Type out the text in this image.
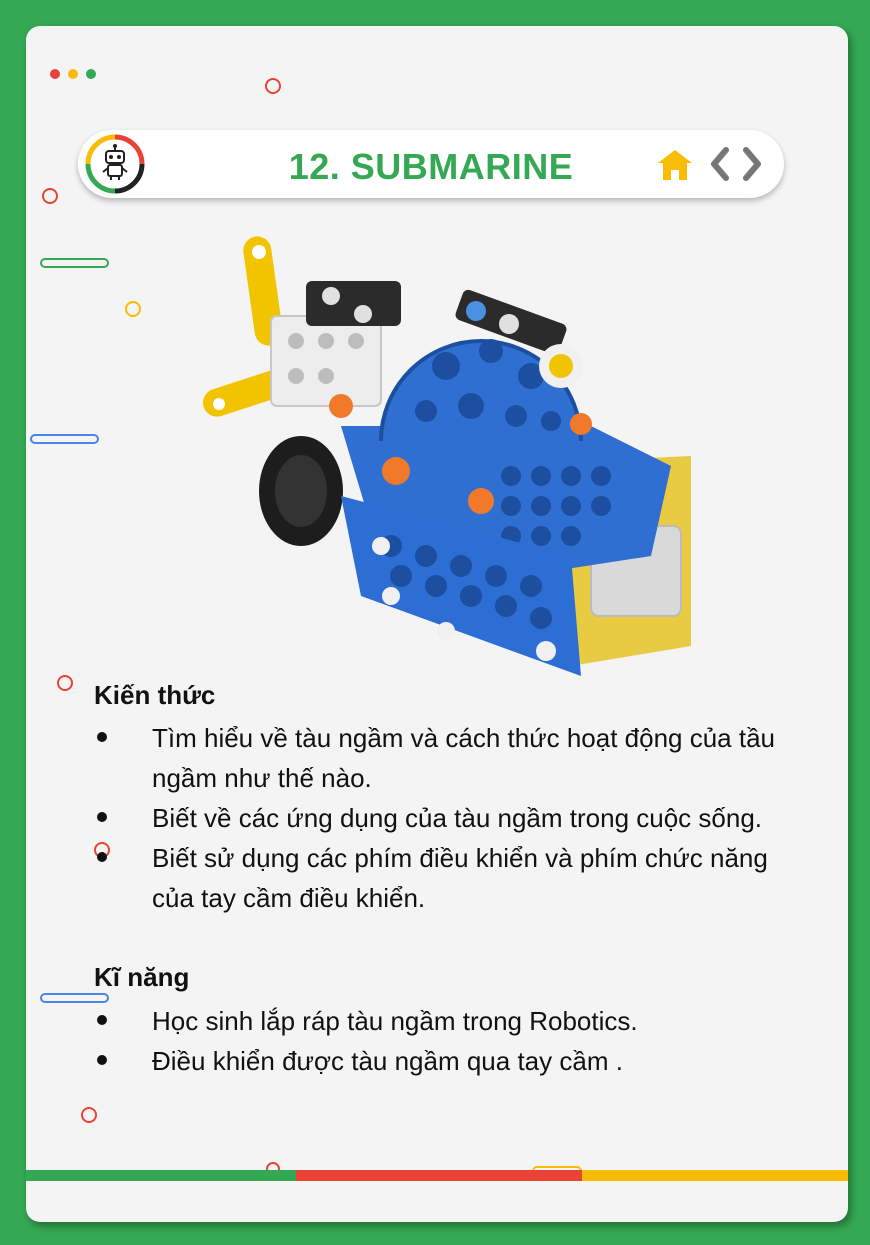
12. SUBMARINE
Kiến thức
Tìm hiểu về tàu ngầm và cách thức hoạt động của tầu ngầm như thế nào.
Biết về các ứng dụng của tàu ngầm trong cuộc sống.
Biết sử dụng các phím điều khiển và phím chức năng của tay cầm điều khiển.
Kĩ năng
Học sinh lắp ráp tàu ngầm trong Robotics.
Điều khiển được tàu ngầm qua tay cầm .
